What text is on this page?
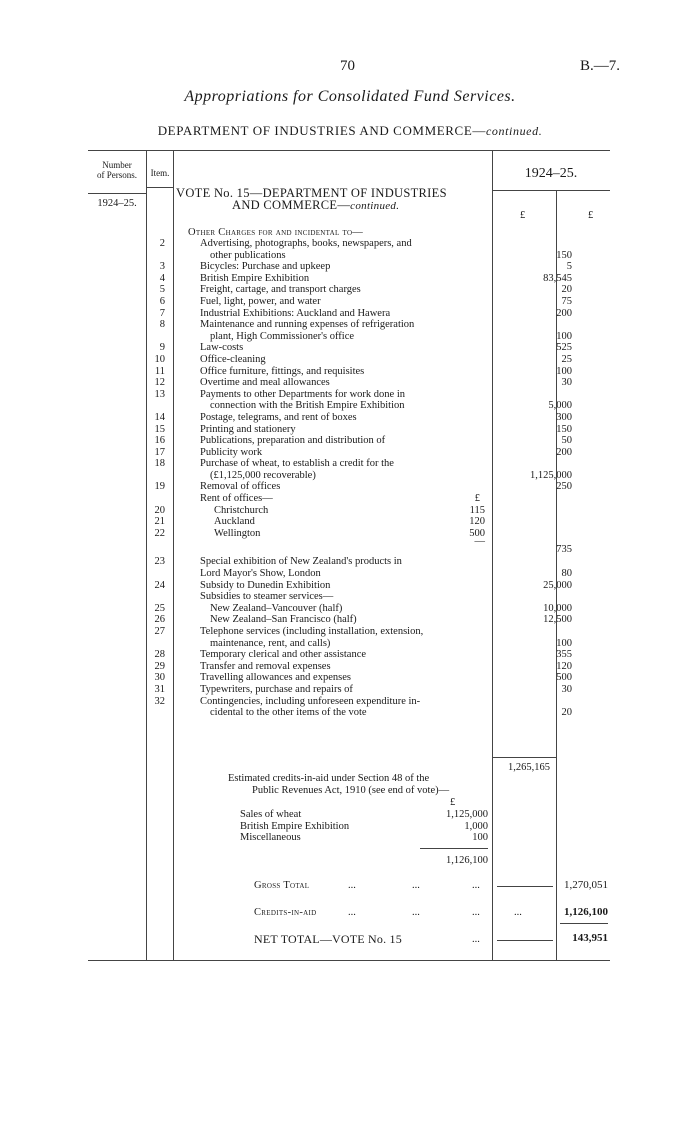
70	B.—7.
Appropriations for Consolidated Fund Services.
DEPARTMENT OF INDUSTRIES AND COMMERCE—continued.
Number
of Persons.	Item.	1924–25.
1924–25.
£	£
VOTE No. 15—DEPARTMENT OF INDUSTRIES
AND COMMERCE—continued.
Other Charges for and incidental to—
2	Advertising, photographs, books, newspapers, and
other publications	150
3	Bicycles: Purchase and upkeep	5
4	British Empire Exhibition	83,545
5	Freight, cartage, and transport charges	20
6	Fuel, light, power, and water	75
7	Industrial Exhibitions: Auckland and Hawera	200
8	Maintenance and running expenses of refrigeration
plant, High Commissioner's office	100
9	Law-costs	525
10	Office-cleaning	25
11	Office furniture, fittings, and requisites	100
12	Overtime and meal allowances	30
13	Payments to other Departments for work done in
connection with the British Empire Exhibition	5,000
14	Postage, telegrams, and rent of boxes	300
15	Printing and stationery	150
16	Publications, preparation and distribution of	50
17	Publicity work	200
18	Purchase of wheat, to establish a credit for the
(£1,125,000 recoverable)	1,125,000
19	Removal of offices	250
Rent of offices—	£
20	Christchurch	115
21	Auckland	120
22	Wellington	500
—
735
23	Special exhibition of New Zealand's products in
Lord Mayor's Show, London	80
24	Subsidy to Dunedin Exhibition	25,000
Subsidies to steamer services—
25	New Zealand–Vancouver (half)	10,000
26	New Zealand–San Francisco (half)	12,500
27	Telephone services (including installation, extension,
maintenance, rent, and calls)	100
28	Temporary clerical and other assistance	355
29	Transfer and removal expenses	120
30	Travelling allowances and expenses	500
31	Typewriters, purchase and repairs of	30
32	Contingencies, including unforeseen expenditure in-
cidental to the other items of the vote	20
1,265,165
Estimated credits-in-aid under Section 48 of the
Public Revenues Act, 1910 (see end of vote)—
£
Sales of wheat	1,125,000
British Empire Exhibition	1,000
Miscellaneous	100
1,126,100
Gross Total	...	...	...	1,270,051
Credits-in-aid	...	...	...	...	1,126,100
NET TOTAL—VOTE No. 15	...	143,951
